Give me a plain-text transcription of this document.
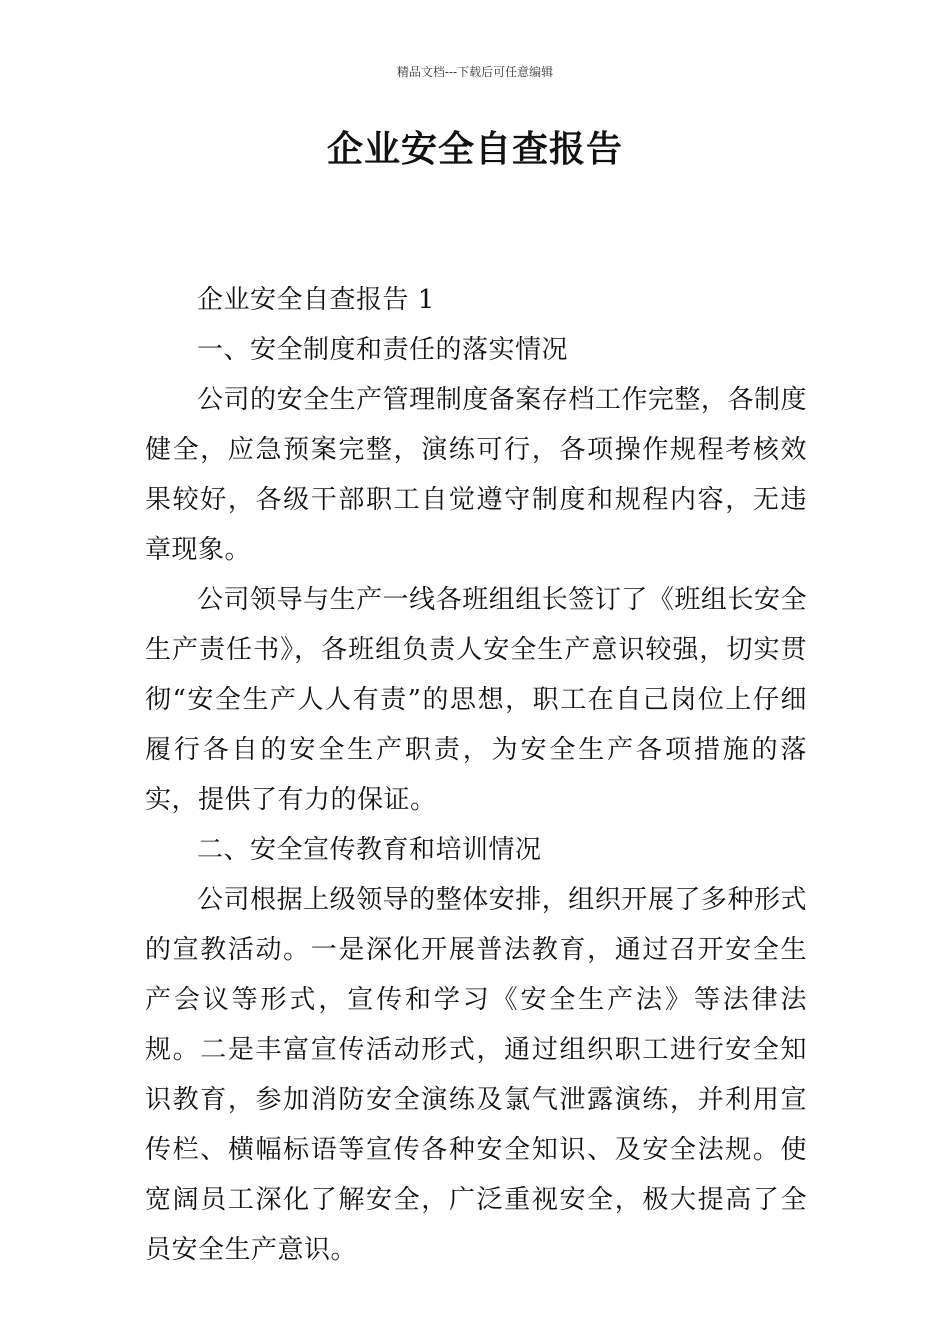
精品文档---下载后可任意编辑
企业安全自查报告

企业安全自查报告 1

一、安全制度和责任的落实情况

公司的安全生产管理制度备案存档工作完整，各制度健全，应急预案完整，演练可行，各项操作规程考核效果较好，各级干部职工自觉遵守制度和规程内容，无违章现象。

公司领导与生产一线各班组组长签订了《班组长安全生产责任书》，各班组负责人安全生产意识较强，切实贯彻“安全生产人人有责”的思想，职工在自己岗位上仔细履行各自的安全生产职责，为安全生产各项措施的落实，提供了有力的保证。

二、安全宣传教育和培训情况

公司根据上级领导的整体安排，组织开展了多种形式的宣教活动。一是深化开展普法教育，通过召开安全生产会议等形式，宣传和学习《安全生产法》等法律法规。二是丰富宣传活动形式，通过组织职工进行安全知识教育，参加消防安全演练及氯气泄露演练，并利用宣传栏、横幅标语等宣传各种安全知识、及安全法规。使宽阔员工深化了解安全，广泛重视安全，极大提高了全员安全生产意识。
